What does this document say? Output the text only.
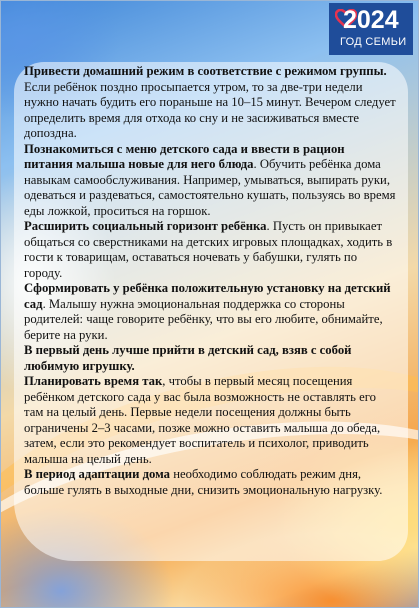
2024
ГОД СЕМЬИ

Привести домашний режим в соответствие с режимом группы. Если ребёнок поздно просыпается утром, то за две-три недели нужно начать будить его пораньше на 10–15 минут. Вечером следует определить время для отхода ко сну и не засиживаться вместе допоздна.

Познакомиться с меню детского сада и ввести в рацион питания малыша новые для него блюда. Обучить ребёнка дома навыкам самообслуживания. Например, умываться, выпирать руки, одеваться и раздеваться, самостоятельно кушать, пользуясь во время еды ложкой, проситься на горшок.

Расширить социальный горизонт ребёнка. Пусть он привыкает общаться со сверстниками на детских игровых площадках, ходить в гости к товарищам, оставаться ночевать у бабушки, гулять по городу.

Сформировать у ребёнка положительную установку на детский сад. Малышу нужна эмоциональная поддержка со стороны родителей: чаще говорите ребёнку, что вы его любите, обнимайте, берите на руки.

В первый день лучше прийти в детский сад, взяв с собой любимую игрушку.

Планировать время так, чтобы в первый месяц посещения ребёнком детского сада у вас была возможность не оставлять его там на целый день. Первые недели посещения должны быть ограничены 2–3 часами, позже можно оставить малыша до обеда, затем, если это рекомендует воспитатель и психолог, приводить малыша на целый день.

В период адаптации дома необходимо соблюдать режим дня, больше гулять в выходные дни, снизить эмоциональную нагрузку.
